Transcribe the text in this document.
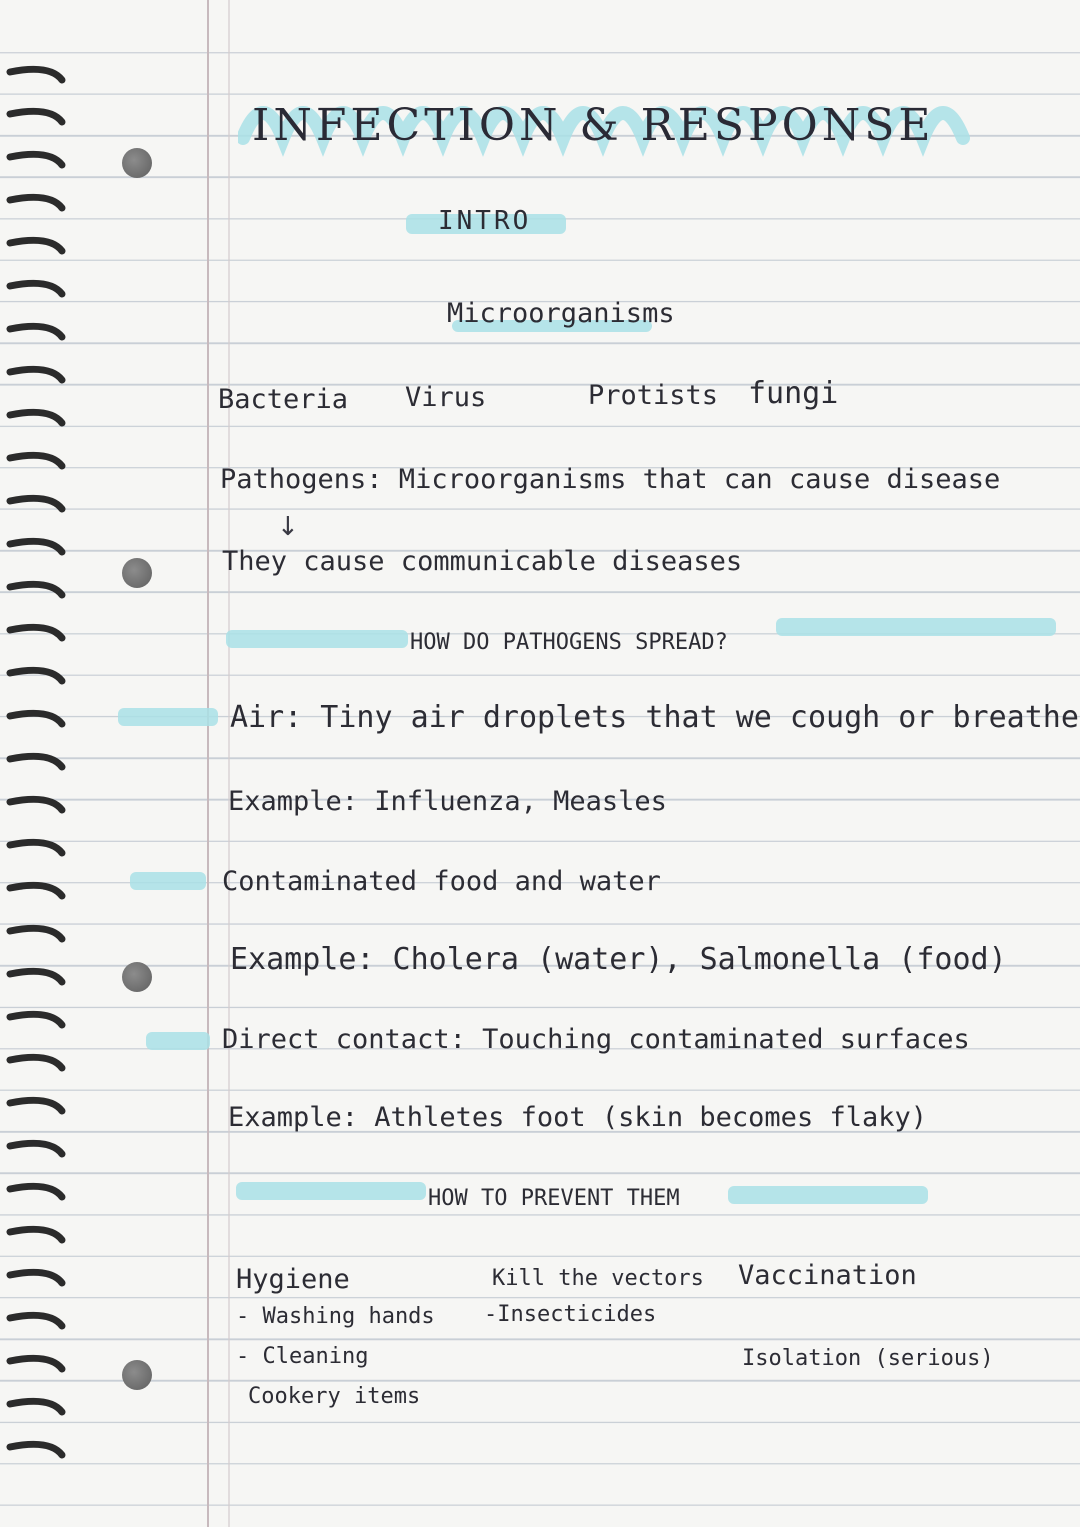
INFECTION & RESPONSE
INTRO
Microorganisms
Bacteria Virus	Protists fungi
Pathogens: Microorganisms that can cause disease
↓
They cause communicable diseases
HOW DO PATHOGENS SPREAD?
Air: Tiny air droplets that we cough or breathe
Example: Influenza, Measles
Contaminated food and water
Example: Cholera (water), Salmonella (food)
Direct contact: Touching contaminated surfaces
Example: Athletes foot (skin becomes flaky)
HOW TO PREVENT THEM
Hygiene
- Washing hands
- Cleaning
Cookery items
Kill the vectors
-Insecticides
Vaccination
Isolation (serious)
